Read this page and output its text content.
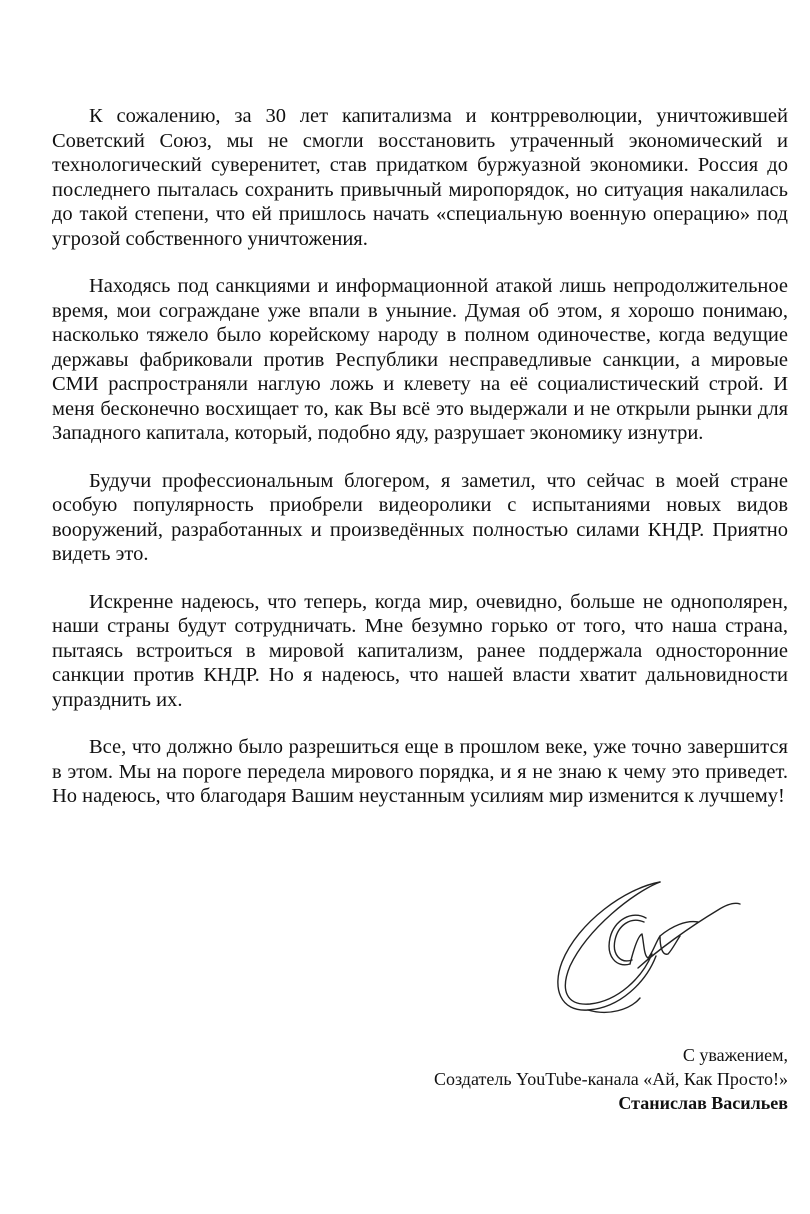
К сожалению, за 30 лет капитализма и контрреволюции, уничтожившей Советский Союз, мы не смогли восстановить утраченный экономический и технологический суверенитет, став придатком буржуазной экономики. Россия до последнего пыталась сохранить привычный миропорядок, но ситуация накалилась до такой степени, что ей пришлось начать «специальную военную операцию» под угрозой собственного уничтожения.

Находясь под санкциями и информационной атакой лишь непродолжительное время, мои сограждане уже впали в уныние. Думая об этом, я хорошо понимаю, насколько тяжело было корейскому народу в полном одиночестве, когда ведущие державы фабриковали против Республики несправедливые санкции, а мировые СМИ распространяли наглую ложь и клевету на её социалистический строй. И меня бесконечно восхищает то, как Вы всё это выдержали и не открыли рынки для Западного капитала, который, подобно яду, разрушает экономику изнутри.

Будучи профессиональным блогером, я заметил, что сейчас в моей стране особую популярность приобрели видеоролики с испытаниями новых видов вооружений, разработанных и произведённых полностью силами КНДР. Приятно видеть это.

Искренне надеюсь, что теперь, когда мир, очевидно, больше не однополярен, наши страны будут сотрудничать. Мне безумно горько от того, что наша страна, пытаясь встроиться в мировой капитализм, ранее поддержала односторонние санкции против КНДР. Но я надеюсь, что нашей власти хватит дальновидности упразднить их.

Все, что должно было разрешиться еще в прошлом веке, уже точно завершится в этом. Мы на пороге передела мирового порядка, и я не знаю к чему это приведет. Но надеюсь, что благодаря Вашим неустанным усилиям мир изменится к лучшему!

С уважением,
Создатель YouTube-канала «Ай, Как Просто!»
Станислав Васильев
